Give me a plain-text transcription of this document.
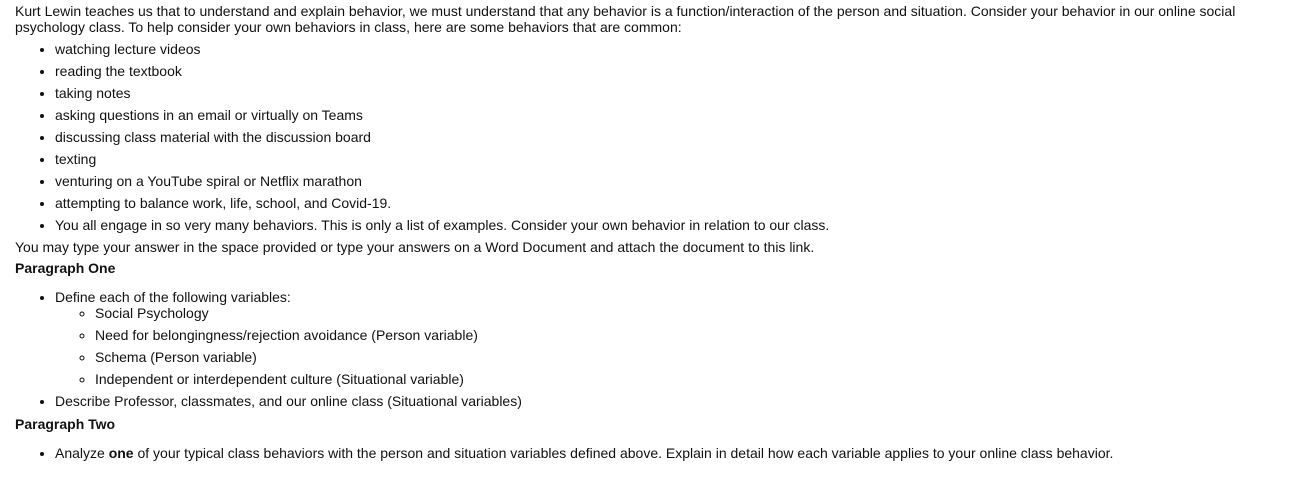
Kurt Lewin teaches us that to understand and explain behavior, we must understand that any behavior is a function/interaction of the person and situation. Consider your behavior in our online social psychology class. To help consider your own behaviors in class, here are some behaviors that are common:

• watching lecture videos
• reading the textbook
• taking notes
• asking questions in an email or virtually on Teams
• discussing class material with the discussion board
• texting
• venturing on a YouTube spiral or Netflix marathon
• attempting to balance work, life, school, and Covid-19.
• You all engage in so very many behaviors. This is only a list of examples. Consider your own behavior in relation to our class.

You may type your answer in the space provided or type your answers on a Word Document and attach the document to this link.

Paragraph One

• Define each of the following variables:
◦ Social Psychology
◦ Need for belongingness/rejection avoidance (Person variable)
◦ Schema (Person variable)
◦ Independent or interdependent culture (Situational variable)
• Describe Professor, classmates, and our online class (Situational variables)

Paragraph Two

• Analyze one of your typical class behaviors with the person and situation variables defined above. Explain in detail how each variable applies to your online class behavior.
